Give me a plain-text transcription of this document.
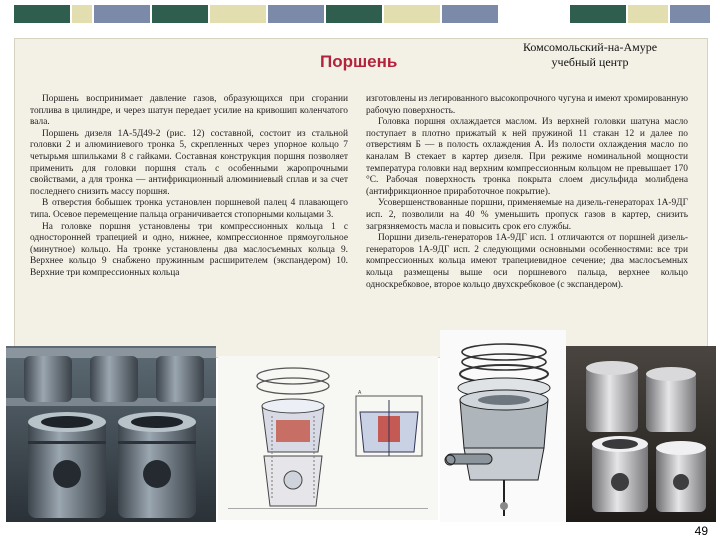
Комсомольский-на-Амуре
учебный центр
Поршень

Поршень воспринимает давление газов, образующихся при сгорании топлива в цилиндре, и через шатун передает усилие на кривошип коленчатого вала.

Поршень дизеля 1А-5Д49-2 (рис. 12) составной, состоит из стальной головки 2 и алюминиевого тронка 5, скрепленных через упорное кольцо 7 четырьмя шпильками 8 с гайками. Составная конструкция поршня позволяет применить для головки поршня сталь с особенными жаропрочными свойствами, а для тронка — антифрикционный алюминиевый сплав и за счет последнего снизить массу поршня.

В отверстия бобышек тронка установлен поршневой палец 4 плавающего типа. Осевое перемещение пальца ограничивается стопорными кольцами 3.

На головке поршня установлены три компрессионных кольца 1 с односторонней трапецией и одно, нижнее, компрессионное прямоугольное (минутное) кольцо. На тронке установлены два маслосъемных кольца 9. Верхнее кольцо 9 снабжено пружинным расширителем (экспандером) 10. Верхние три компрессионных кольца

изготовлены из легированного высокопрочного чугуна и имеют хромированную рабочую поверхность.

Головка поршня охлаждается маслом. Из верхней головки шатуна масло поступает в плотно прижатый к ней пружиной 11 стакан 12 и далее по отверстиям Б — в полость охлаждения А. Из полости охлаждения масло по каналам В стекает в картер дизеля. При режиме номинальной мощности температура головки над верхним компрессионным кольцом не превышает 170 °С. Рабочая поверхность тронка покрыта слоем дисульфида молибдена (антифрикционное приработочное покрытие).

Усовершенствованные поршни, применяемые на дизель-генераторах 1А-9ДГ исп. 2, позволили на 40 % уменьшить пропуск газов в картер, снизить загрязняемость масла и повысить срок его службы.

Поршни дизель-генераторов 1А-9ДГ исп. 1 отличаются от поршней дизель-генераторов 1А-9ДГ исп. 2 следующими основными особенностями: все три компрессионных кольца имеют трапециевидное сечение; два маслосъемных кольца размещены выше оси поршневого пальца, верхнее кольцо однoскребковое, второе кольцо двухскребковое (с экспандером).

A
49
